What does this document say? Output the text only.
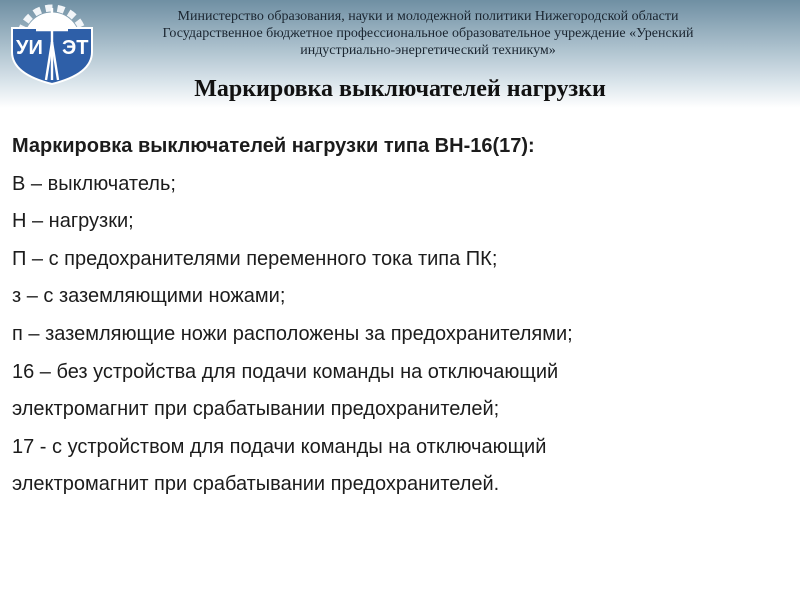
УИ ЭТ
Министерство образования, науки и молодежной политики Нижегородской области
Государственное бюджетное профессиональное образовательное учреждение «Уренский
индустриально-энергетический техникум»
Маркировка выключателей нагрузки
Маркировка выключателей нагрузки типа ВН-16(17):
В – выключатель;
Н – нагрузки;
П – с предохранителями переменного тока типа ПК;
з – с заземляющими ножами;
п – заземляющие ножи расположены за предохранителями;
16 – без устройства для подачи команды на отключающий
электромагнит при срабатывании предохранителей;
17 - с устройством для подачи команды на отключающий
электромагнит при срабатывании предохранителей.
